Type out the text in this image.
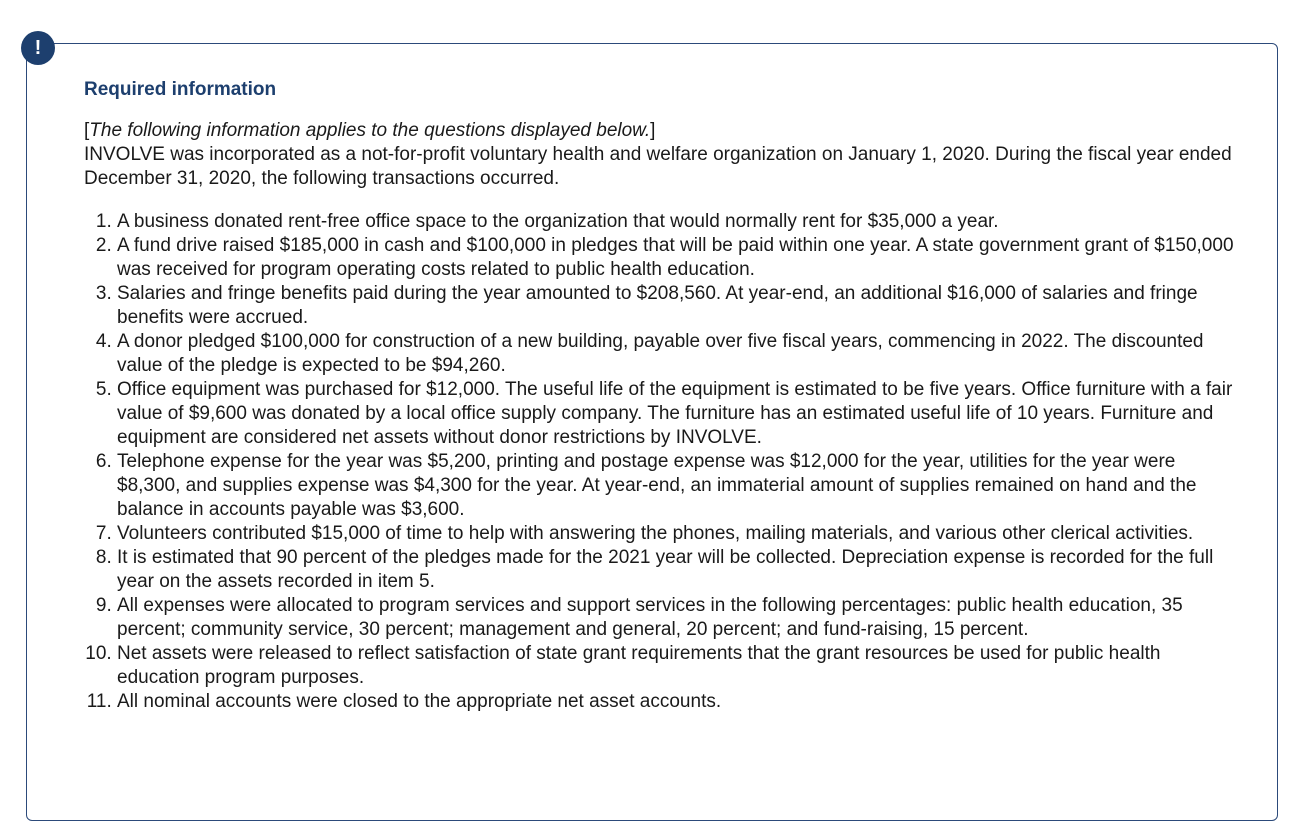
!
Required information

[The following information applies to the questions displayed below.]
INVOLVE was incorporated as a not-for-profit voluntary health and welfare organization on January 1, 2020. During the fiscal year ended December 31, 2020, the following transactions occurred.

1. A business donated rent-free office space to the organization that would normally rent for $35,000 a year.
2. A fund drive raised $185,000 in cash and $100,000 in pledges that will be paid within one year. A state government grant of $150,000 was received for program operating costs related to public health education.
3. Salaries and fringe benefits paid during the year amounted to $208,560. At year-end, an additional $16,000 of salaries and fringe benefits were accrued.
4. A donor pledged $100,000 for construction of a new building, payable over five fiscal years, commencing in 2022. The discounted value of the pledge is expected to be $94,260.
5. Office equipment was purchased for $12,000. The useful life of the equipment is estimated to be five years. Office furniture with a fair value of $9,600 was donated by a local office supply company. The furniture has an estimated useful life of 10 years. Furniture and equipment are considered net assets without donor restrictions by INVOLVE.
6. Telephone expense for the year was $5,200, printing and postage expense was $12,000 for the year, utilities for the year were $8,300, and supplies expense was $4,300 for the year. At year-end, an immaterial amount of supplies remained on hand and the balance in accounts payable was $3,600.
7. Volunteers contributed $15,000 of time to help with answering the phones, mailing materials, and various other clerical activities.
8. It is estimated that 90 percent of the pledges made for the 2021 year will be collected. Depreciation expense is recorded for the full year on the assets recorded in item 5.
9. All expenses were allocated to program services and support services in the following percentages: public health education, 35 percent; community service, 30 percent; management and general, 20 percent; and fund-raising, 15 percent.
10. Net assets were released to reflect satisfaction of state grant requirements that the grant resources be used for public health education program purposes.
11. All nominal accounts were closed to the appropriate net asset accounts.
